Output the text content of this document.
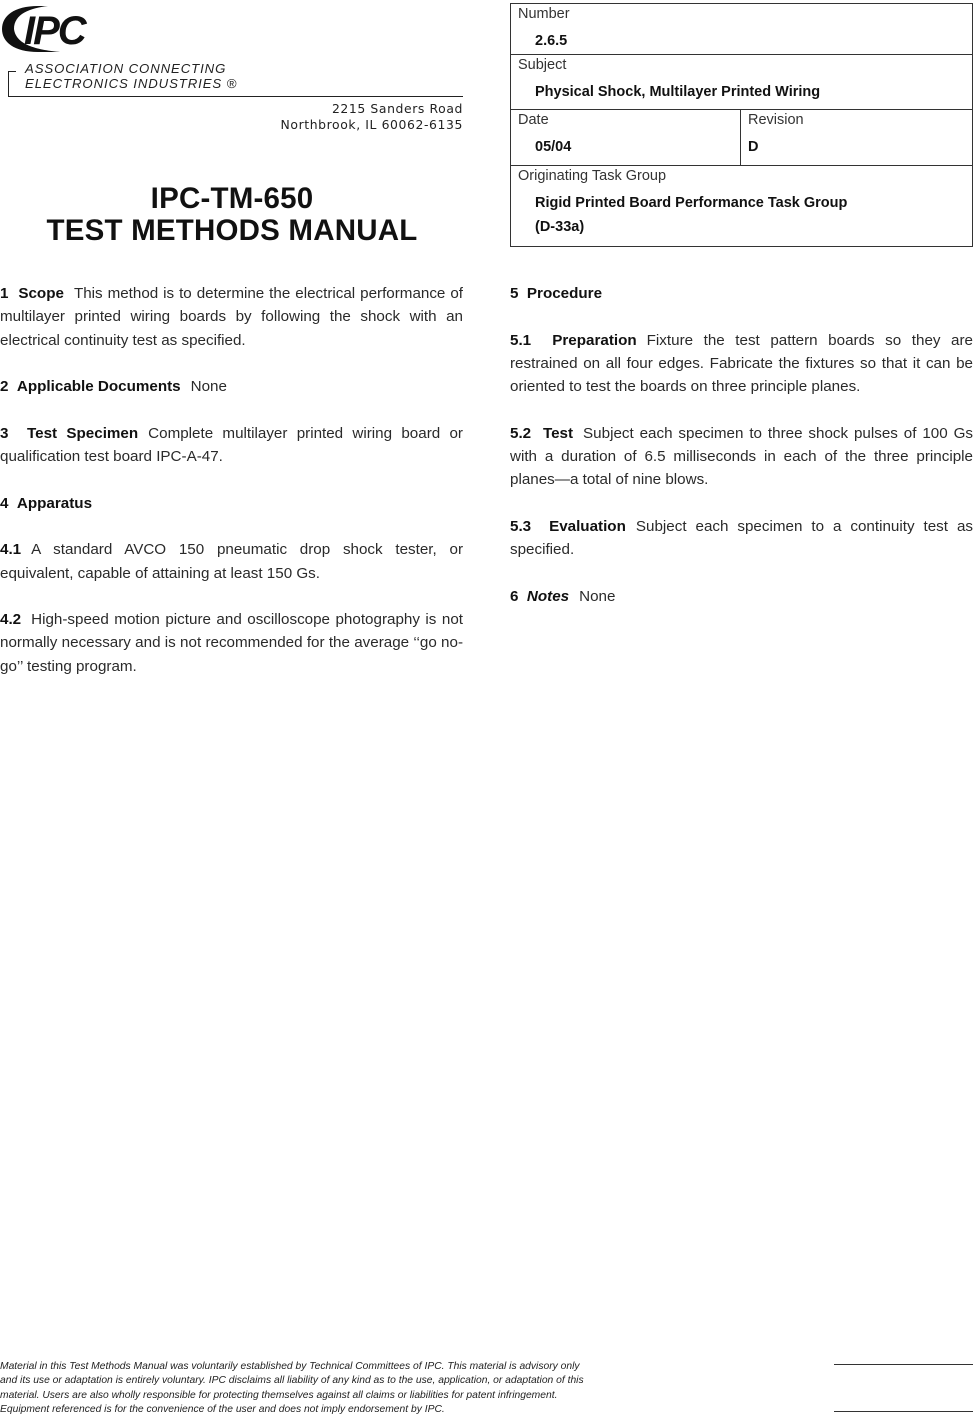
IPC
ASSOCIATION CONNECTING
ELECTRONICS INDUSTRIES ®
2215 Sanders Road
Northbrook, IL 60062-6135
IPC-TM-650
TEST METHODS MANUAL
Number
2.6.5
Subject
Physical Shock, Multilayer Printed Wiring
Date
05/04
Revision
D
Originating Task Group
Rigid Printed Board Performance Task Group
(D-33a)

1 Scope This method is to determine the electrical performance of multilayer printed wiring boards by following the shock with an electrical continuity test as specified.

2 Applicable Documents None

3 Test Specimen Complete multilayer printed wiring board or qualification test board IPC-A-47.

4 Apparatus

4.1 A standard AVCO 150 pneumatic drop shock tester, or equivalent, capable of attaining at least 150 Gs.

4.2 High-speed motion picture and oscilloscope photography is not normally necessary and is not recommended for the average ‘‘go no-go’’ testing program.

5 Procedure

5.1 Preparation Fixture the test pattern boards so they are restrained on all four edges. Fabricate the fixtures so that it can be oriented to test the boards on three principle planes.

5.2 Test Subject each specimen to three shock pulses of 100 Gs with a duration of 6.5 milliseconds in each of the three principle planes—a total of nine blows.

5.3 Evaluation Subject each specimen to a continuity test as specified.

6 Notes None

Material in this Test Methods Manual was voluntarily established by Technical Committees of IPC. This material is advisory only
and its use or adaptation is entirely voluntary. IPC disclaims all liability of any kind as to the use, application, or adaptation of this
material. Users are also wholly responsible for protecting themselves against all claims or liabilities for patent infringement.
Equipment referenced is for the convenience of the user and does not imply endorsement by IPC.
